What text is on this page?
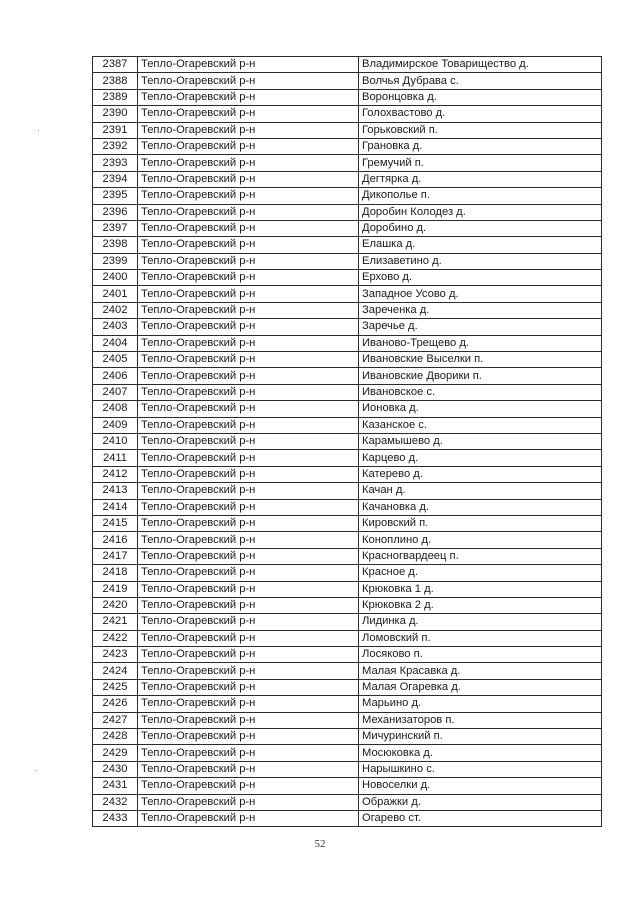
2387	Тепло-Огаревский р-н	Владимирское Товарищество д.
2388	Тепло-Огаревский р-н	Волчья Дубрава с.
2389	Тепло-Огаревский р-н	Воронцовка д.
2390	Тепло-Огаревский р-н	Голохвастово д.
2391	Тепло-Огаревский р-н	Горьковский п.
2392	Тепло-Огаревский р-н	Грановка д.
2393	Тепло-Огаревский р-н	Гремучий п.
2394	Тепло-Огаревский р-н	Дегтярка д.
2395	Тепло-Огаревский р-н	Дикополье п.
2396	Тепло-Огаревский р-н	Доробин Колодез д.
2397	Тепло-Огаревский р-н	Доробино д.
2398	Тепло-Огаревский р-н	Елашка д.
2399	Тепло-Огаревский р-н	Елизаветино д.
2400	Тепло-Огаревский р-н	Ерхово д.
2401	Тепло-Огаревский р-н	Западное Усово д.
2402	Тепло-Огаревский р-н	Зареченка д.
2403	Тепло-Огаревский р-н	Заречье д.
2404	Тепло-Огаревский р-н	Иваново-Трещево д.
2405	Тепло-Огаревский р-н	Ивановские Выселки п.
2406	Тепло-Огаревский р-н	Ивановские Дворики п.
2407	Тепло-Огаревский р-н	Ивановское с.
2408	Тепло-Огаревский р-н	Ионовка д.
2409	Тепло-Огаревский р-н	Казанское с.
2410	Тепло-Огаревский р-н	Карамышево д.
2411	Тепло-Огаревский р-н	Карцево д.
2412	Тепло-Огаревский р-н	Катерево д.
2413	Тепло-Огаревский р-н	Качан д.
2414	Тепло-Огаревский р-н	Качановка д.
2415	Тепло-Огаревский р-н	Кировский п.
2416	Тепло-Огаревский р-н	Коноплино д.
2417	Тепло-Огаревский р-н	Красногвардеец п.
2418	Тепло-Огаревский р-н	Красное д.
2419	Тепло-Огаревский р-н	Крюковка 1 д.
2420	Тепло-Огаревский р-н	Крюковка 2 д.
2421	Тепло-Огаревский р-н	Лидинка д.
2422	Тепло-Огаревский р-н	Ломовский п.
2423	Тепло-Огаревский р-н	Лосяково п.
2424	Тепло-Огаревский р-н	Малая Красавка д.
2425	Тепло-Огаревский р-н	Малая Огаревка д.
2426	Тепло-Огаревский р-н	Марьино д.
2427	Тепло-Огаревский р-н	Механизаторов п.
2428	Тепло-Огаревский р-н	Мичуринский п.
2429	Тепло-Огаревский р-н	Мосюковка д.
2430	Тепло-Огаревский р-н	Нарышкино с.
2431	Тепло-Огаревский р-н	Новоселки д.
2432	Тепло-Огаревский р-н	Ображки д.
2433	Тепло-Огаревский р-н	Огарево ст.
52
